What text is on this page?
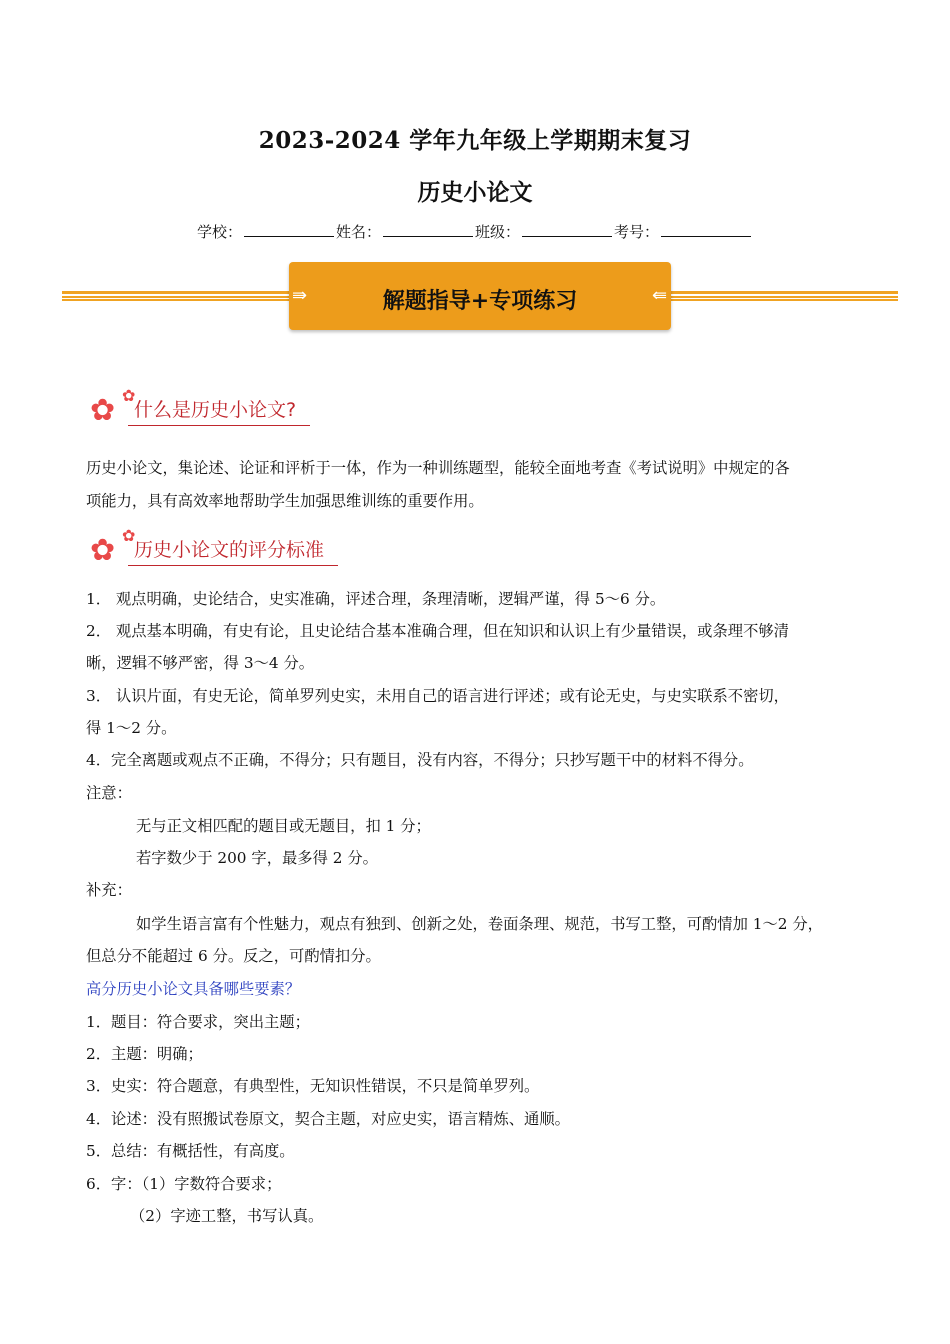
2023-2024 学年九年级上学期期末复习
历史小论文
学校：	姓名：	班级：	考号：
⇛	⇚
解题指导+专项练习
✿ ✿
什么是历史小论文?
历史小论文，集论述、论证和评析于一体，作为一种训练题型，能较全面地考查《考试说明》中规定的各
项能力，具有高效率地帮助学生加强思维训练的重要作用。
✿ ✿
历史小论文的评分标准
1． 观点明确，史论结合，史实准确，评述合理，条理清晰，逻辑严谨，得 5～6 分。
2． 观点基本明确，有史有论，且史论结合基本准确合理，但在知识和认识上有少量错误，或条理不够清
晰，逻辑不够严密，得 3～4 分。
3． 认识片面，有史无论，简单罗列史实，未用自己的语言进行评述；或有论无史，与史实联系不密切，
得 1～2 分。
4．完全离题或观点不正确，不得分；只有题目，没有内容，不得分；只抄写题干中的材料不得分。
注意：
无与正文相匹配的题目或无题目，扣 1 分；
若字数少于 200 字，最多得 2 分。
补充：
如学生语言富有个性魅力，观点有独到、创新之处，卷面条理、规范，书写工整，可酌情加 1～2 分，
但总分不能超过 6 分。反之，可酌情扣分。
高分历史小论文具备哪些要素？
1．题目：符合要求，突出主题；
2．主题：明确；
3．史实：符合题意，有典型性，无知识性错误，不只是简单罗列。
4．论述：没有照搬试卷原文，契合主题，对应史实，语言精炼、通顺。
5．总结：有概括性，有高度。
6．字：（1）字数符合要求；
（2）字迹工整，书写认真。
